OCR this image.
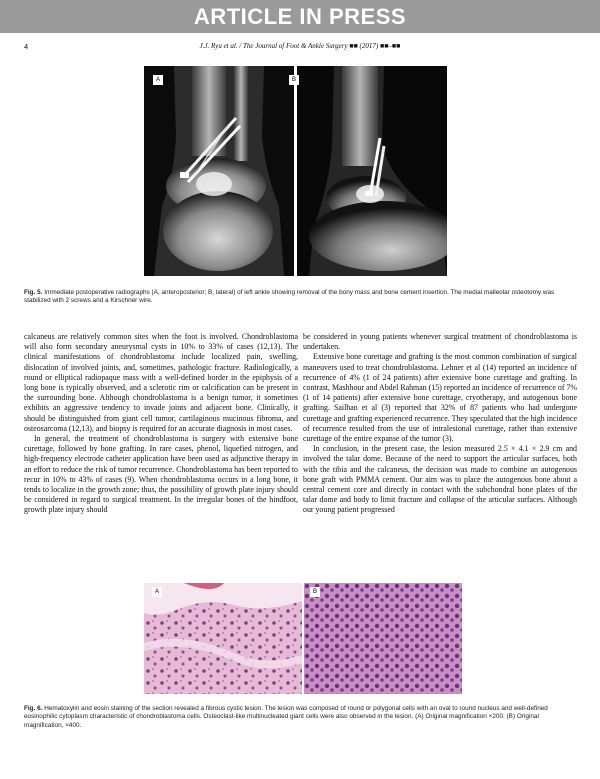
ARTICLE IN PRESS
4	J.J. Ryu et al. / The Journal of Foot & Ankle Surgery ■■ (2017) ■■–■■
A	B
Fig. 5. Immediate postoperative radiographs (A, anteroposterior; B, lateral) of left ankle showing removal of the bony mass and bone cement insertion. The medial malleolar osteotomy was stabilized with 2 screws and a Kirschner wire.

calcaneus are relatively common sites when the foot is involved. Chondroblastoma will also form secondary aneurysmal cysts in 10% to 33% of cases (12,13). The clinical manifestations of chondroblastoma include localized pain, swelling, dislocation of involved joints, and, sometimes, pathologic fracture. Radiologically, a round or elliptical radiopaque mass with a well-defined border in the epiphysis of a long bone is typically observed, and a sclerotic rim or calcification can be present in the surrounding bone. Although chondroblastoma is a benign tumor, it sometimes exhibits an aggressive tendency to invade joints and adjacent bone. Clinically, it should be distinguished from giant cell tumor, cartilaginous mucinous fibroma, and osteosarcoma (12,13), and biopsy is required for an accurate diagnosis in most cases.

In general, the treatment of chondroblastoma is surgery with extensive bone curettage, followed by bone grafting. In rare cases, phenol, liquefied nitrogen, and high-frequency electrode catheter application have been used as adjunctive therapy in an effort to reduce the risk of tumor recurrence. Chondroblastoma has been reported to recur in 10% to 43% of cases (9). When chondroblastoma occurs in a long bone, it tends to localize in the growth zone; thus, the possibility of growth plate injury should be considered in regard to surgical treatment. In the irregular bones of the hindfoot, growth plate injury should

be considered in young patients whenever surgical treatment of chondroblastoma is undertaken.

Extensive bone curettage and grafting is the most common combination of surgical maneuvers used to treat chondroblastoma. Lehner et al (14) reported an incidence of recurrence of 4% (1 of 24 patients) after extensive bone curettage and grafting. In contrast, Mashhour and Abdel Rahman (15) reported an incidence of recurrence of 7% (1 of 14 patients) after extensive bone curettage, cryotherapy, and autogenous bone grafting. Sailhan et al (3) reported that 32% of 87 patients who had undergone curettage and grafting experienced recurrence. They speculated that the high incidence of recurrence resulted from the use of intralesional curettage, rather than extensive curettage of the entire expanse of the tumor (3).

In conclusion, in the present case, the lesion measured 2.5 × 4.1 × 2.9 cm and involved the talar dome. Because of the need to support the articular surfaces, both with the tibia and the calcaneus, the decision was made to combine an autogenous bone graft with PMMA cement. Our aim was to place the autogenous bone about a central cement core and directly in contact with the subchondral bone plates of the talar dome and body to limit fracture and collapse of the articular surfaces. Although our young patient progressed

A	B
Fig. 6. Hematoxylin and eosin staining of the section revealed a fibrous cystic lesion. The lesion was composed of round or polygonal cells with an oval to round nucleus and well-defined eosinophilic cytoplasm characteristic of chondroblastoma cells. Osteoclast-like multinucleated giant cells were also observed in the lesion. (A) Original magnification ×200. (B) Original magnification, ×400.
